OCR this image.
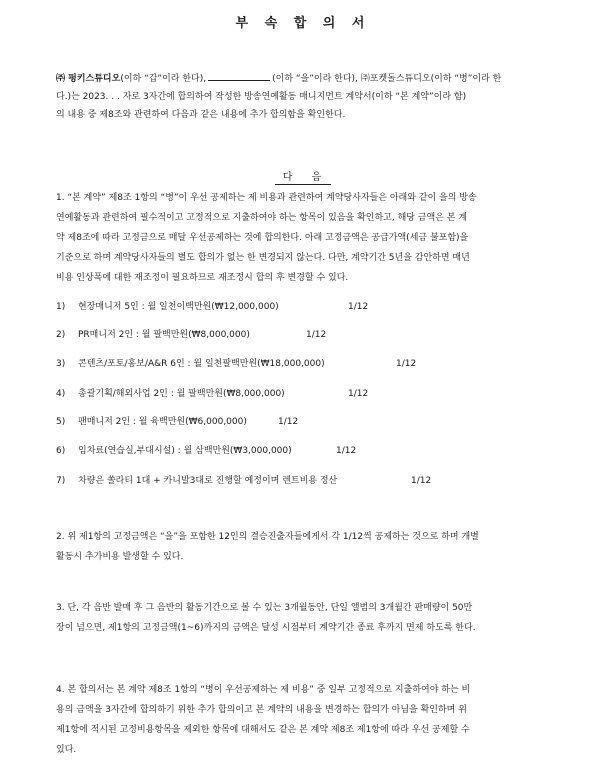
부 속 합 의 서
㈜ 펑키스튜디오(이하 “갑”이라 한다),	(이하 “을”이라 한다), ㈜포켓돌스튜디오(이하 “병”이라 한
다.)는 2023. . . 자로 3자간에 합의하여 작성한 방송연예활동 매니지먼트 계약서(이하 “본 계약”이라 함)
의 내용 중 제8조와 관련하여 다음과 같은 내용에 추가 합의함을 확인한다.
다 음
1. “본 계약” 제8조 1항의 “병”이 우선 공제하는 제 비용과 관련하여 계약당사자들은 아래와 같이 을의 방송
연예활동과 관련하여 필수적이고 고정적으로 지출하여야 하는 항목이 있음을 확인하고, 해당 금액은 본 계
약 제8조에 따라 고정금으로 매달 우선공제하는 것에 합의한다. 아래 고정금액은 공급가액(세금 불포함)을
기준으로 하며 계약당사자들의 별도 합의가 없는 한 변경되지 않는다. 다만, 계약기간 5년을 감안하면 매년
비용 인상폭에 대한 재조정이 필요하므로 재조정시 합의 후 변경할 수 있다.
1) 현장매니저 5인 : 월 일천이백만원(₩12,000,000)	1/12
2) PR매니저 2인 : 월 팔백만원(₩8,000,000)	1/12
3) 콘텐츠/포토/홍보/A&R 6인 : 월 일천팔백만원(₩18,000,000)	1/12
4) 총괄기획/해외사업 2인 : 월 팔백만원(₩8,000,000)	1/12
5) 팬매니저 2인 : 월 육백만원(₩6,000,000)	1/12
6) 임차료(연습실,부대시설) : 월 삼백만원(₩3,000,000)	1/12
7) 차량은 쏠라티 1대 + 카니발3대로 진행할 예정이며 렌트비용 정산	1/12
2. 위 제1항의 고정금액은 “을”을 포함한 12인의 결승진출자들에게서 각 1/12씩 공제하는 것으로 하며 개별
활동시 추가비용 발생할 수 있다.
3. 단, 각 음반 발매 후 그 음반의 활동기간으로 볼 수 있는 3개월동안, 단일 앨범의 3개월간 판매량이 50만
장이 넘으면, 제1항의 고정금액(1~6)까지의 금액은 달성 시점부터 계약기간 종료 후까지 면제 하도록 한다.
4. 본 합의서는 본 계약 제8조 1항의 “병이 우선공제하는 제 비용” 중 일부 고정적으로 지출하여야 하는 비
용의 금액을 3자간에 합의하기 위한 추가 합의이고 본 계약의 내용을 변경하는 합의가 아님을 확인하며 위
제1항에 적시된 고정비용항목을 제외한 항목에 대해서도 같은 본 계약 제8조 제1항에 따라 우선 공제할 수
있다.
